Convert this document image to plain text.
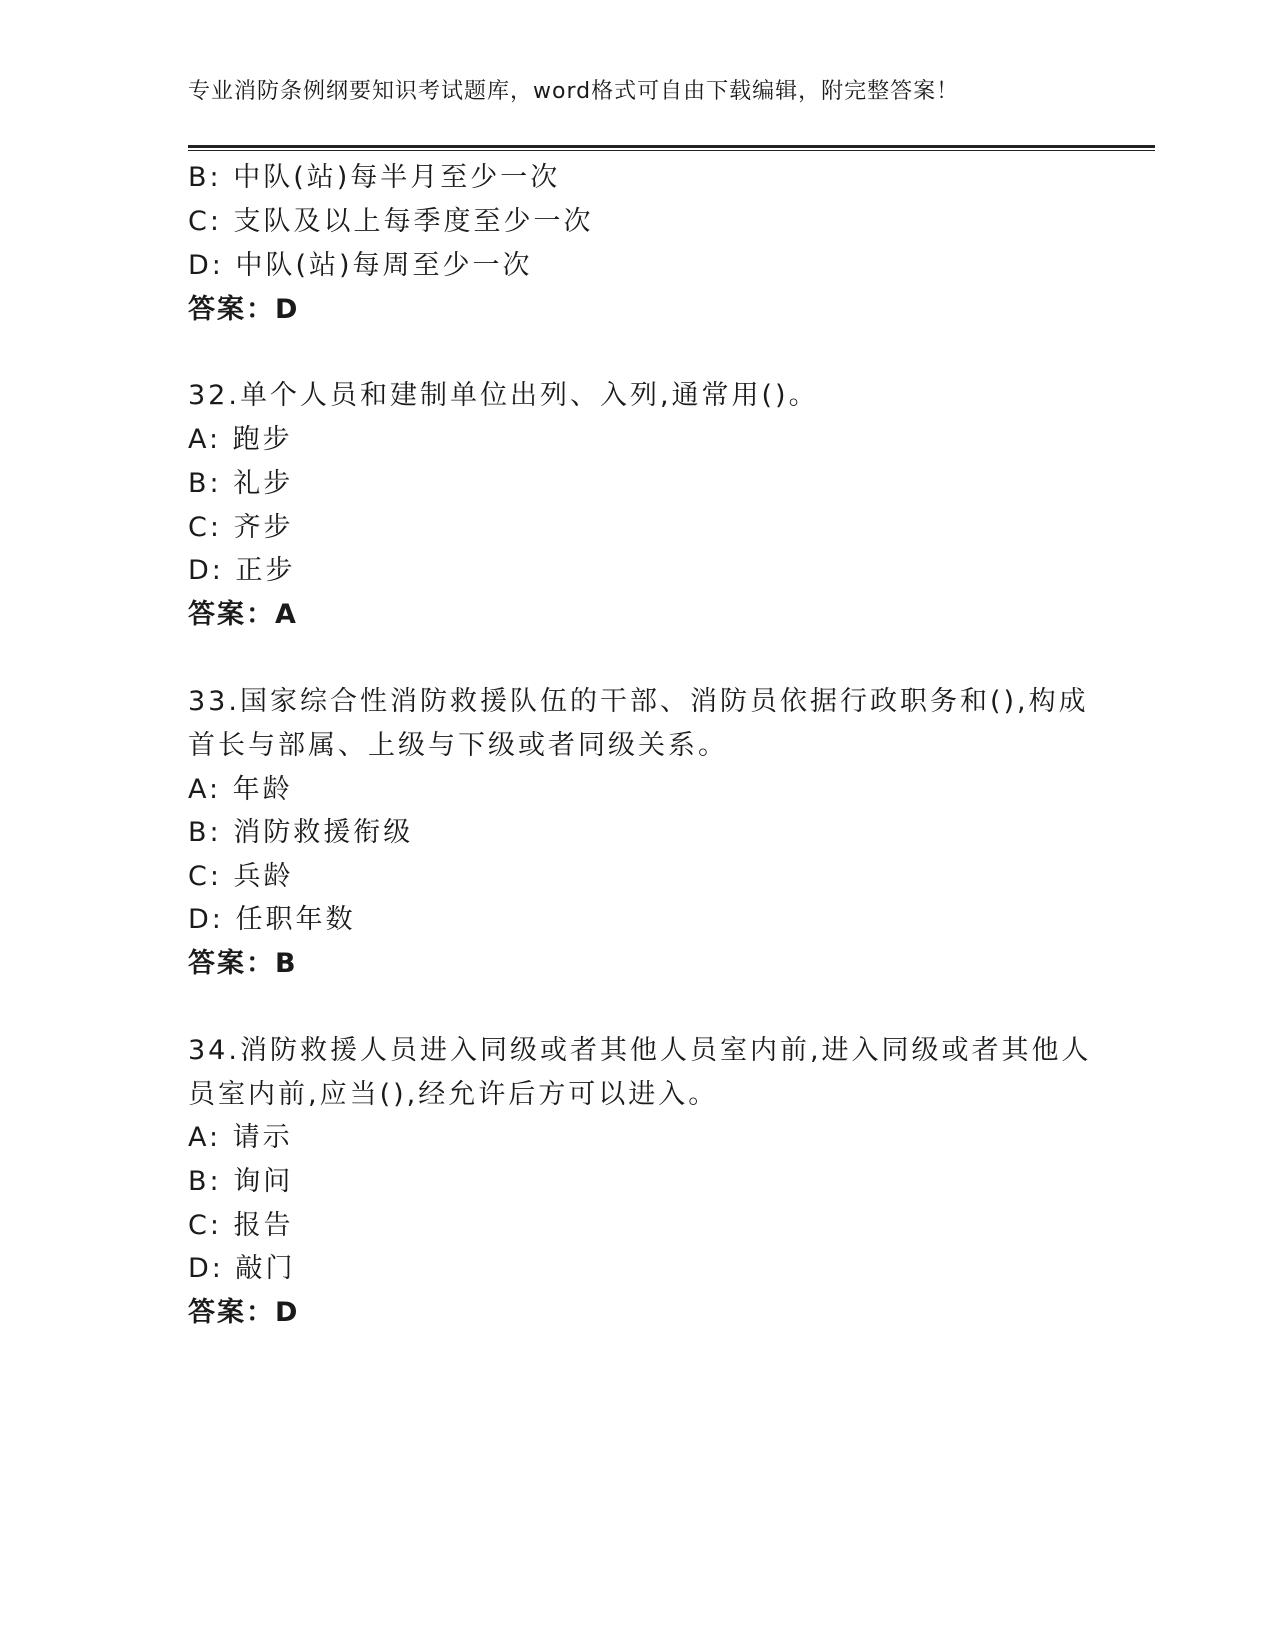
专业消防条例纲要知识考试题库，word格式可自由下载编辑，附完整答案！
B: 中队(站)每半月至少一次
C: 支队及以上每季度至少一次
D: 中队(站)每周至少一次
答案：D
32.单个人员和建制单位出列、入列,通常用()。
A: 跑步
B: 礼步
C: 齐步
D: 正步
答案：A
33.国家综合性消防救援队伍的干部、消防员依据行政职务和(),构成
首长与部属、上级与下级或者同级关系。
A: 年龄
B: 消防救援衔级
C: 兵龄
D: 任职年数
答案：B
34.消防救援人员进入同级或者其他人员室内前,进入同级或者其他人
员室内前,应当(),经允许后方可以进入。
A: 请示
B: 询问
C: 报告
D: 敲门
答案：D
